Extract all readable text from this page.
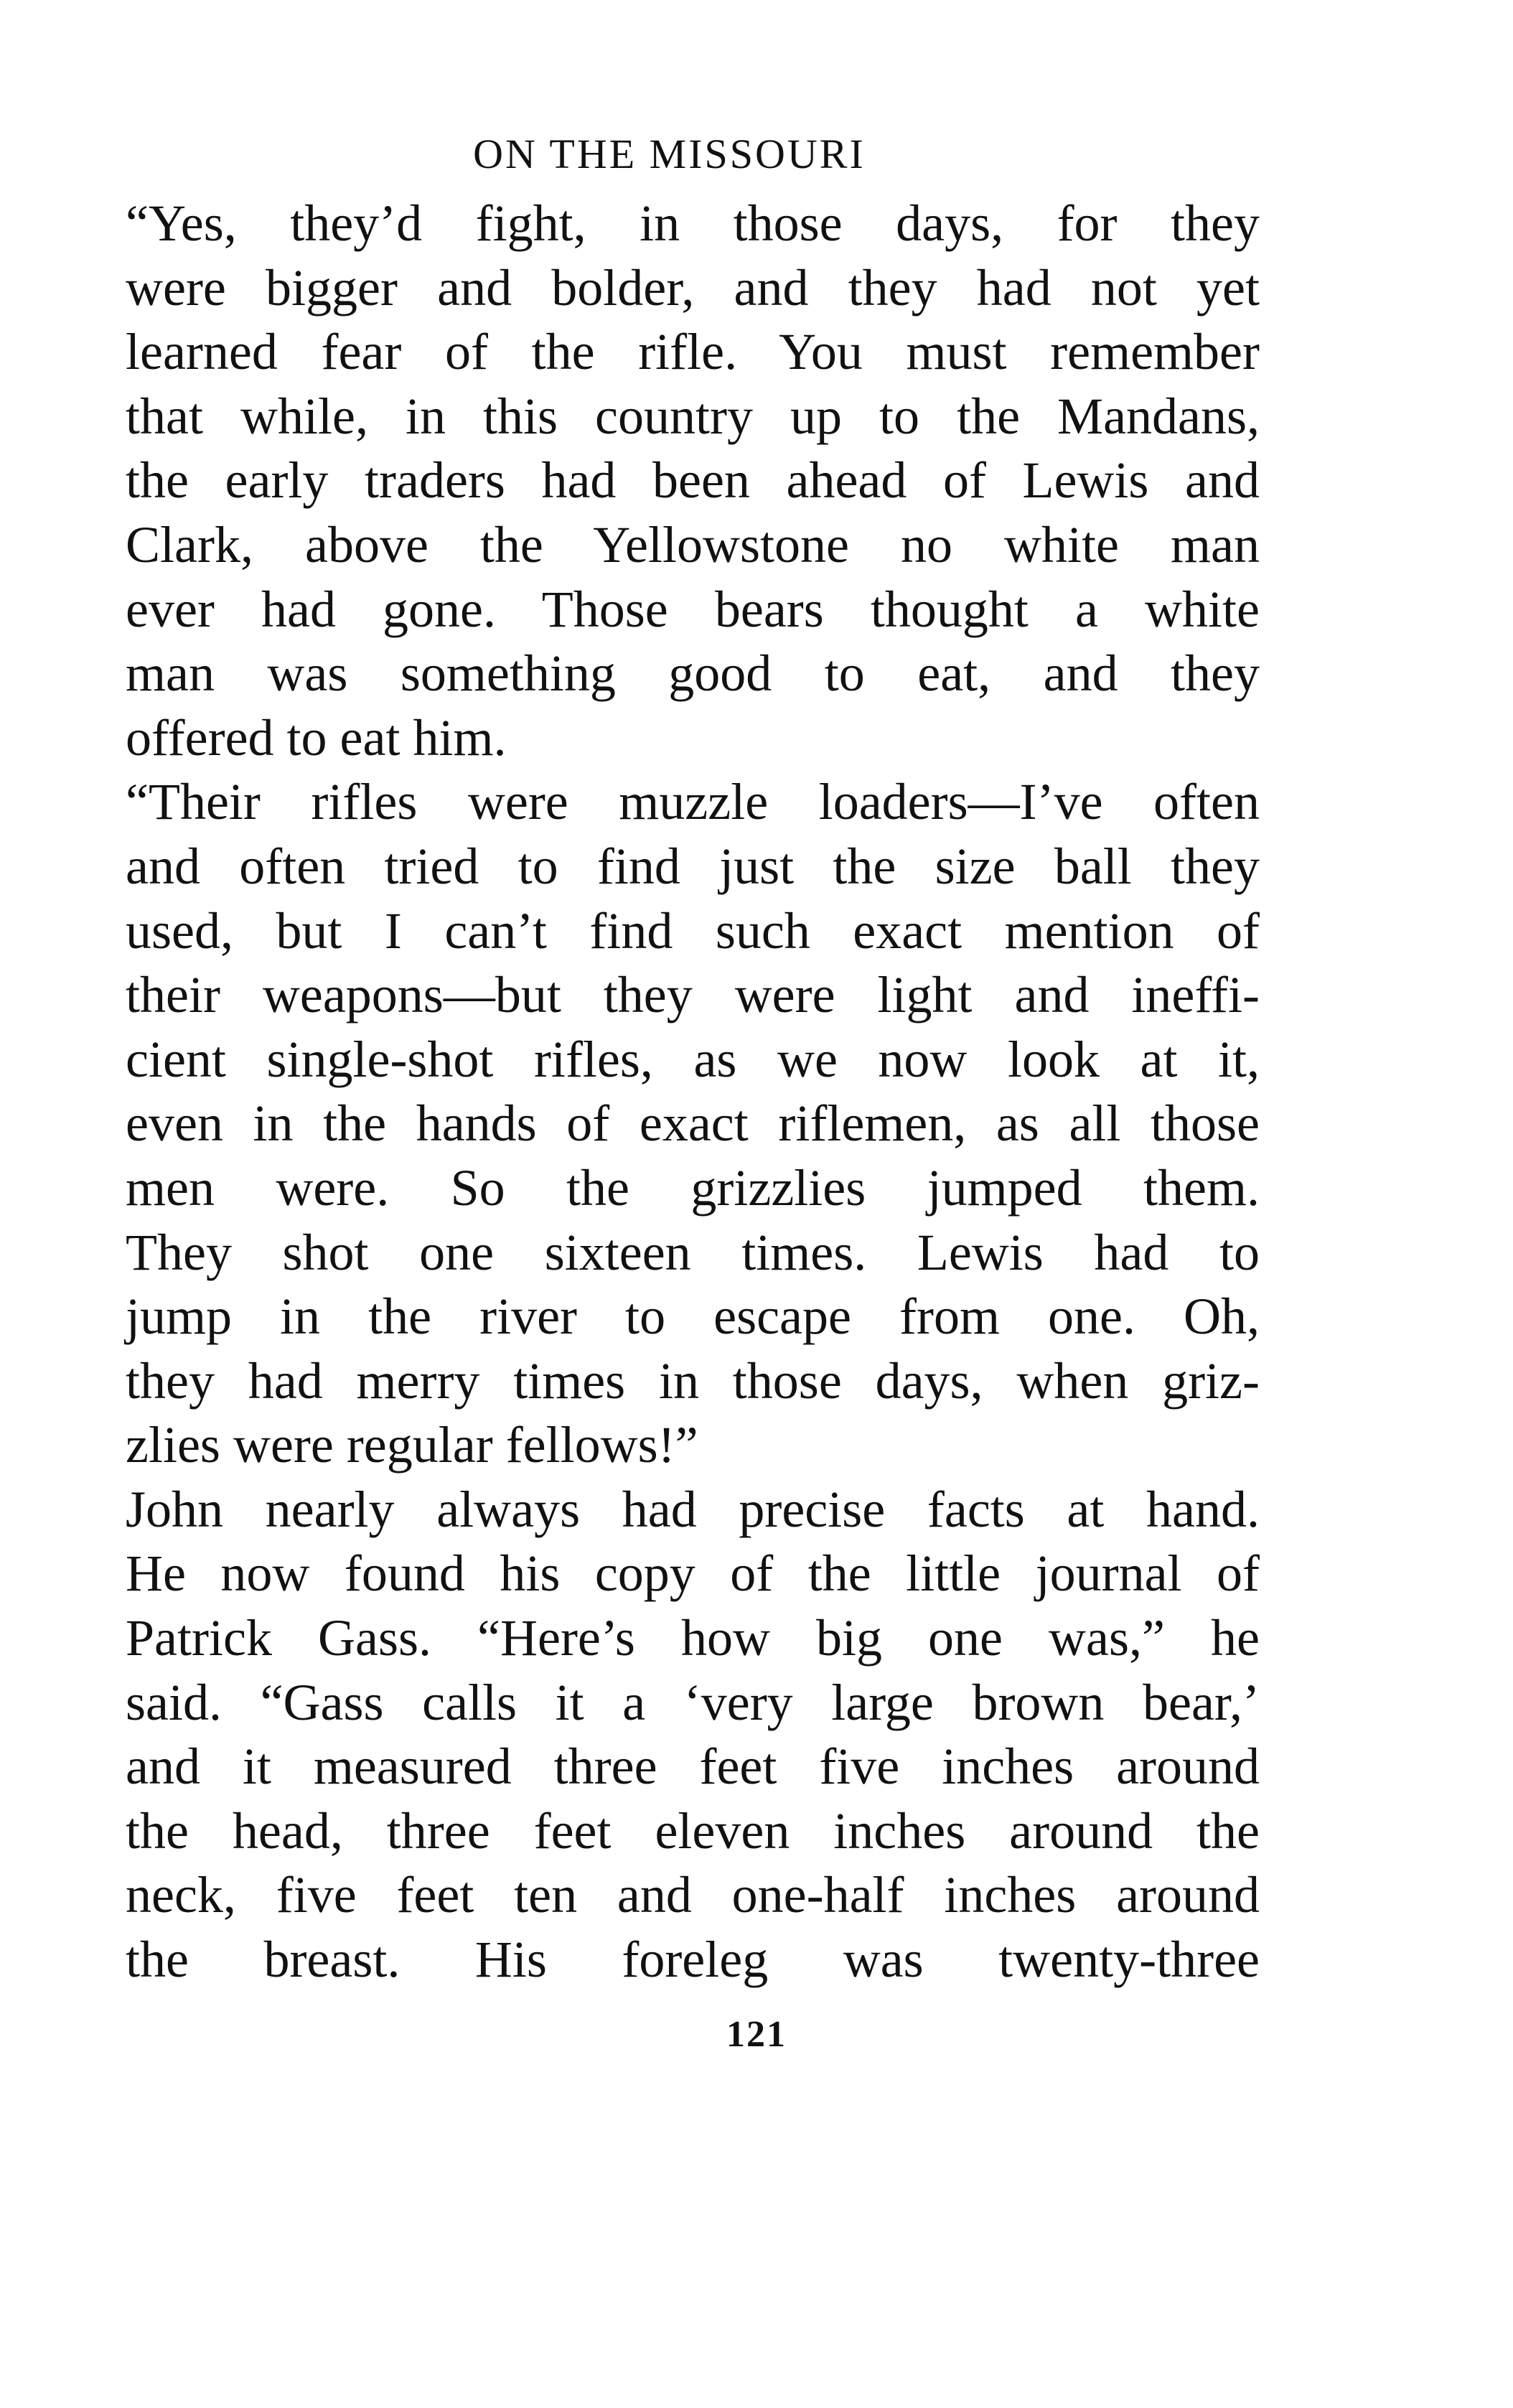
ON THE MISSOURI

“Yes, they’d fight, in those days, for they
were bigger and bolder, and they had not yet
learned fear of the rifle. You must remember
that while, in this country up to the Mandans,
the early traders had been ahead of Lewis and
Clark, above the Yellowstone no white man
ever had gone. Those bears thought a white
man was something good to eat, and they
offered to eat him.

“Their rifles were muzzle loaders—I’ve often
and often tried to find just the size ball they
used, but I can’t find such exact mention of
their weapons—but they were light and ineffi-
cient single-shot rifles, as we now look at it,
even in the hands of exact riflemen, as all those
men were. So the grizzlies jumped them.
They shot one sixteen times. Lewis had to
jump in the river to escape from one. Oh,
they had merry times in those days, when griz-
zlies were regular fellows!”

John nearly always had precise facts at hand.
He now found his copy of the little journal of
Patrick Gass. “Here’s how big one was,” he
said. “Gass calls it a ‘very large brown bear,’
and it measured three feet five inches around
the head, three feet eleven inches around the
neck, five feet ten and one-half inches around
the breast. His foreleg was twenty-three

121
